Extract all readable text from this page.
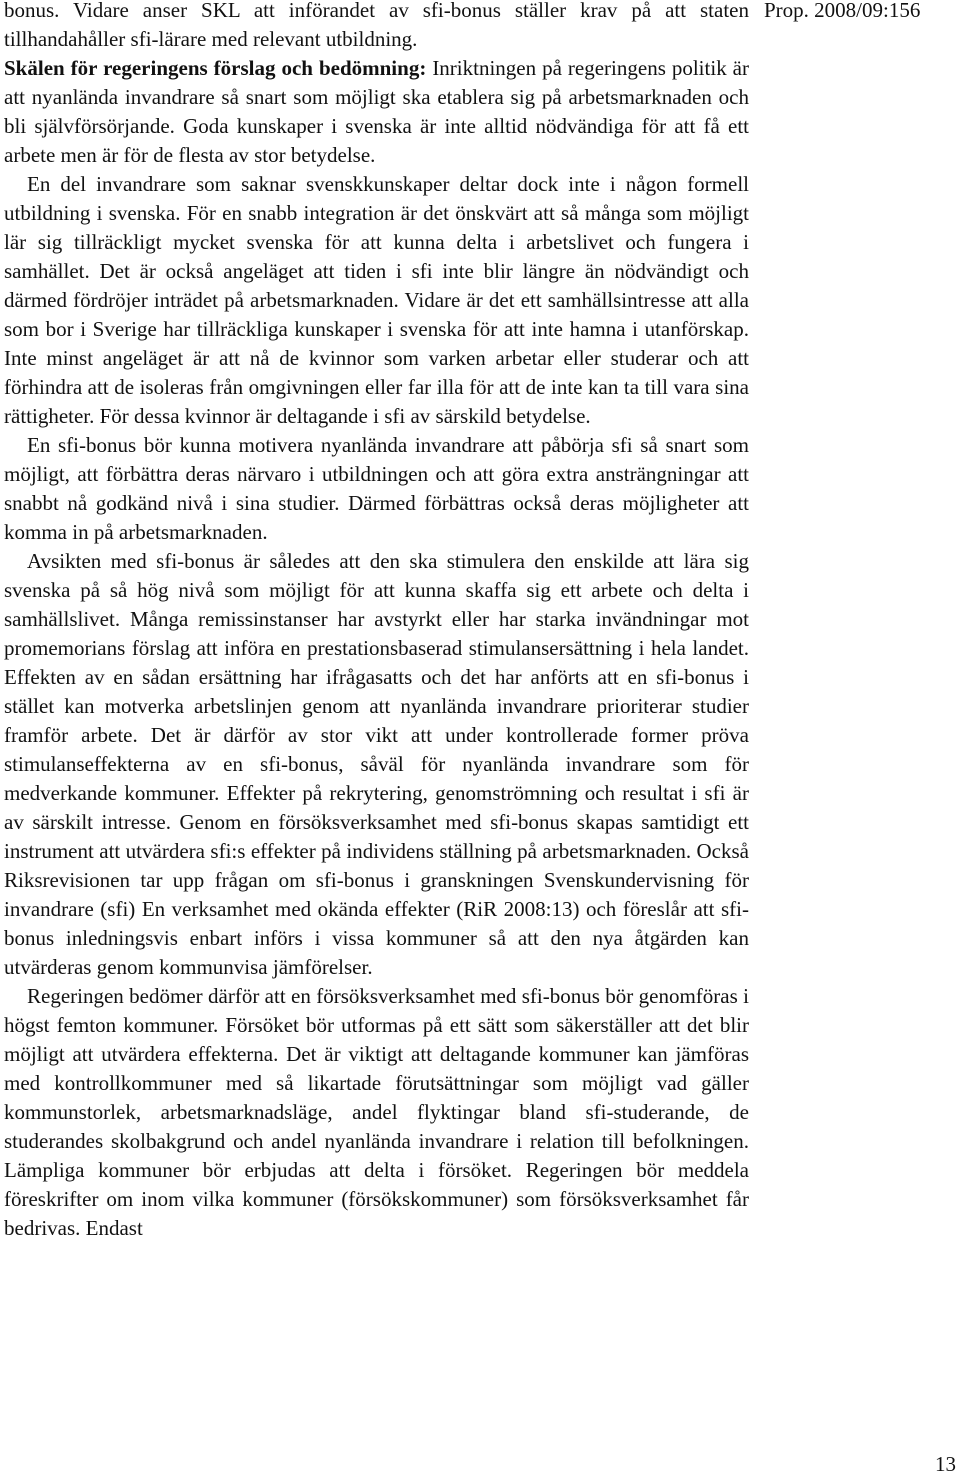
bonus. Vidare anser SKL att införandet av sfi-bonus ställer krav på att staten tillhandahåller sfi-lärare med relevant utbildning.

Skälen för regeringens förslag och bedömning: Inriktningen på regeringens politik är att nyanlända invandrare så snart som möjligt ska etablera sig på arbetsmarknaden och bli självförsörjande. Goda kunskaper i svenska är inte alltid nödvändiga för att få ett arbete men är för de flesta av stor betydelse.

En del invandrare som saknar svenskkunskaper deltar dock inte i någon formell utbildning i svenska. För en snabb integration är det önskvärt att så många som möjligt lär sig tillräckligt mycket svenska för att kunna delta i arbetslivet och fungera i samhället. Det är också angeläget att tiden i sfi inte blir längre än nödvändigt och därmed fördröjer inträdet på arbetsmarknaden. Vidare är det ett samhällsintresse att alla som bor i Sverige har tillräckliga kunskaper i svenska för att inte hamna i utanförskap. Inte minst angeläget är att nå de kvinnor som varken arbetar eller studerar och att förhindra att de isoleras från omgivningen eller far illa för att de inte kan ta till vara sina rättigheter. För dessa kvinnor är deltagande i sfi av särskild betydelse.

En sfi-bonus bör kunna motivera nyanlända invandrare att påbörja sfi så snart som möjligt, att förbättra deras närvaro i utbildningen och att göra extra ansträngningar att snabbt nå godkänd nivå i sina studier. Därmed förbättras också deras möjligheter att komma in på arbetsmarknaden.

Avsikten med sfi-bonus är således att den ska stimulera den enskilde att lära sig svenska på så hög nivå som möjligt för att kunna skaffa sig ett arbete och delta i samhällslivet. Många remissinstanser har avstyrkt eller har starka invändningar mot promemorians förslag att införa en prestationsbaserad stimulansersättning i hela landet. Effekten av en sådan ersättning har ifrågasatts och det har anförts att en sfi-bonus i stället kan motverka arbetslinjen genom att nyanlända invandrare prioriterar studier framför arbete. Det är därför av stor vikt att under kontrollerade former pröva stimulanseffekterna av en sfi-bonus, såväl för nyanlända invandrare som för medverkande kommuner. Effekter på rekrytering, genomströmning och resultat i sfi är av särskilt intresse. Genom en försöksverksamhet med sfi-bonus skapas samtidigt ett instrument att utvärdera sfi:s effekter på individens ställning på arbetsmarknaden. Också Riksrevisionen tar upp frågan om sfi-bonus i granskningen Svenskundervisning för invandrare (sfi) En verksamhet med okända effekter (RiR 2008:13) och föreslår att sfi-bonus inledningsvis enbart införs i vissa kommuner så att den nya åtgärden kan utvärderas genom kommunvisa jämförelser.

Regeringen bedömer därför att en försöksverksamhet med sfi-bonus bör genomföras i högst femton kommuner. Försöket bör utformas på ett sätt som säkerställer att det blir möjligt att utvärdera effekterna. Det är viktigt att deltagande kommuner kan jämföras med kontrollkommuner med så likartade förutsättningar som möjligt vad gäller kommunstorlek, arbetsmarknadsläge, andel flyktingar bland sfi-studerande, de studerandes skolbakgrund och andel nyanlända invandrare i relation till befolkningen. Lämpliga kommuner bör erbjudas att delta i försöket. Regeringen bör meddela föreskrifter om inom vilka kommuner (försökskommuner) som försöksverksamhet får bedrivas. Endast

Prop. 2008/09:156
13
